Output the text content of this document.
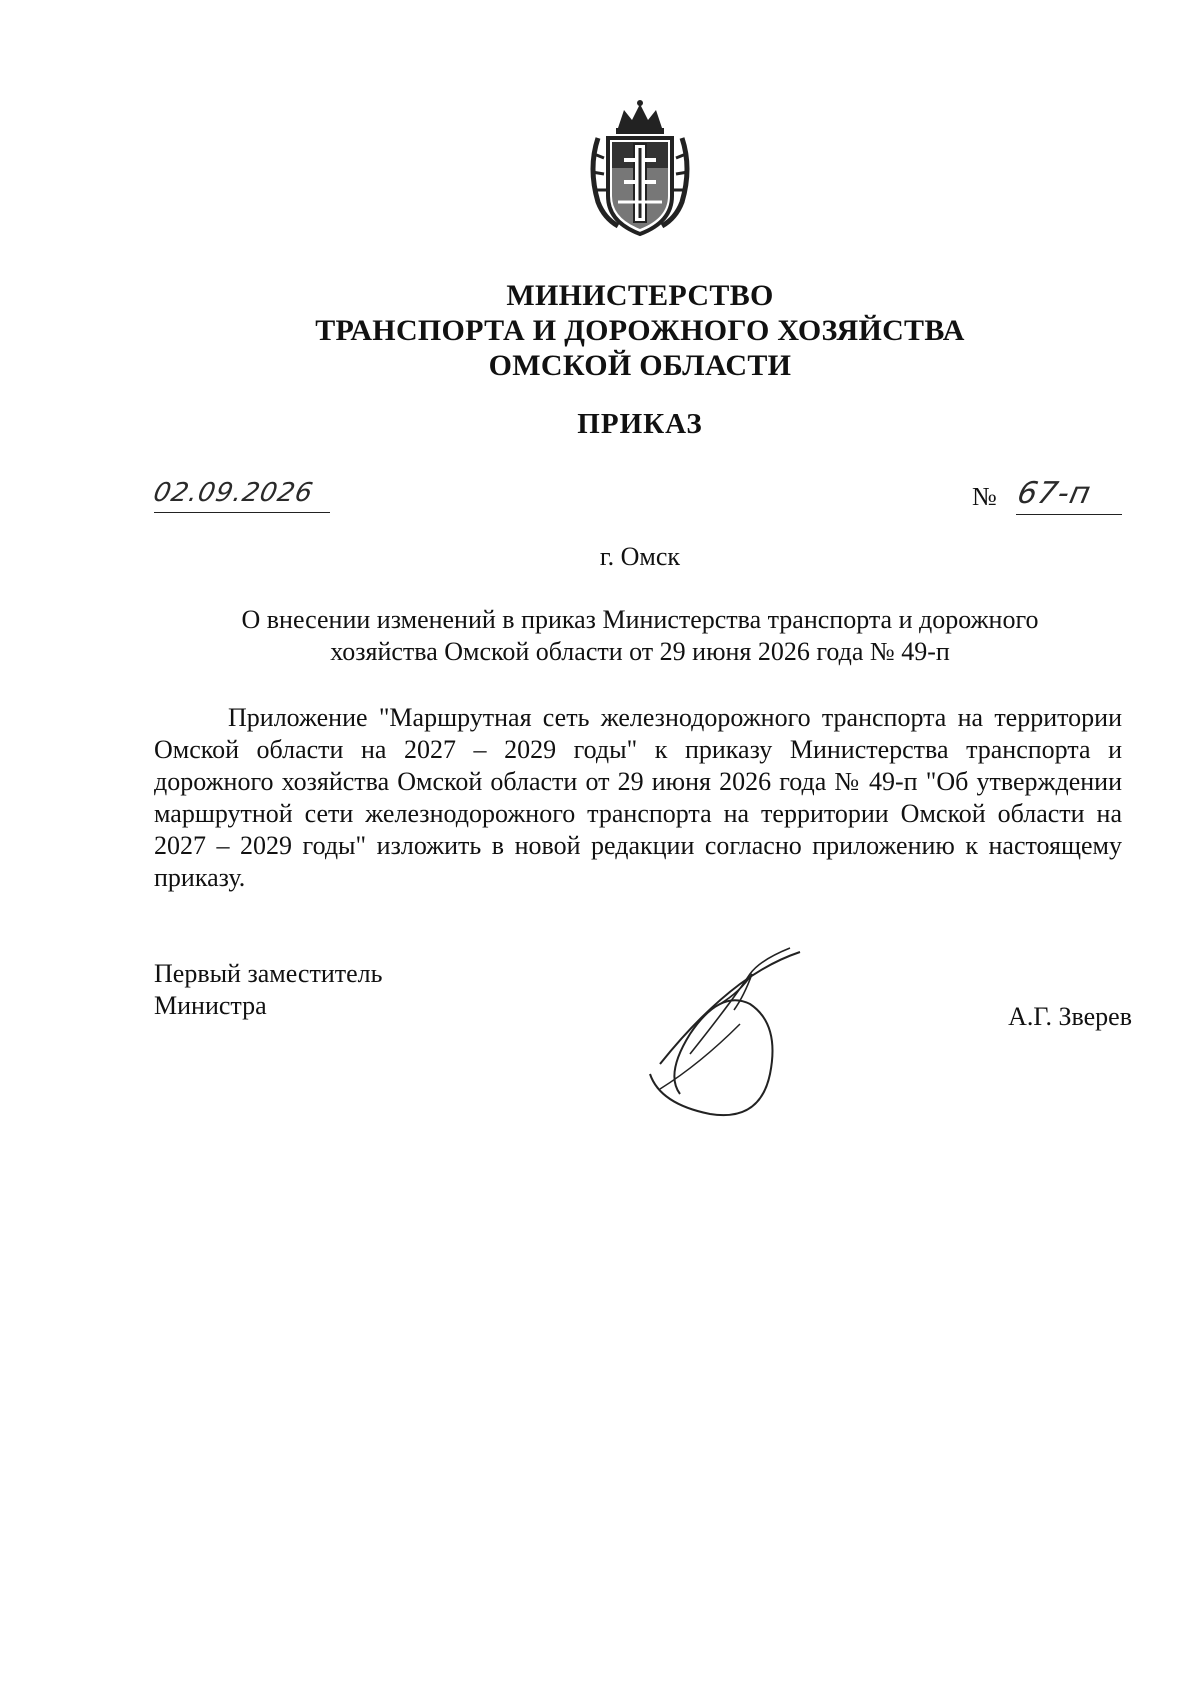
МИНИСТЕРСТВО
ТРАНСПОРТА И ДОРОЖНОГО ХОЗЯЙСТВА
ОМСКОЙ ОБЛАСТИ
ПРИКАЗ
02.09.2026	№ 67-п
г. Омск
О внесении изменений в приказ Министерства транспорта и дорожного хозяйства Омской области от 29 июня 2026 года № 49-п
Приложение "Маршрутная сеть железнодорожного транспорта на территории Омской области на 2027 – 2029 годы" к приказу Министерства транспорта и дорожного хозяйства Омской области от 29 июня 2026 года № 49-п "Об утверждении маршрутной сети железнодорожного транспорта на территории Омской области на 2027 – 2029 годы" изложить в новой редакции согласно приложению к настоящему приказу.
Первый заместитель
Министра	А.Г. Зверев
